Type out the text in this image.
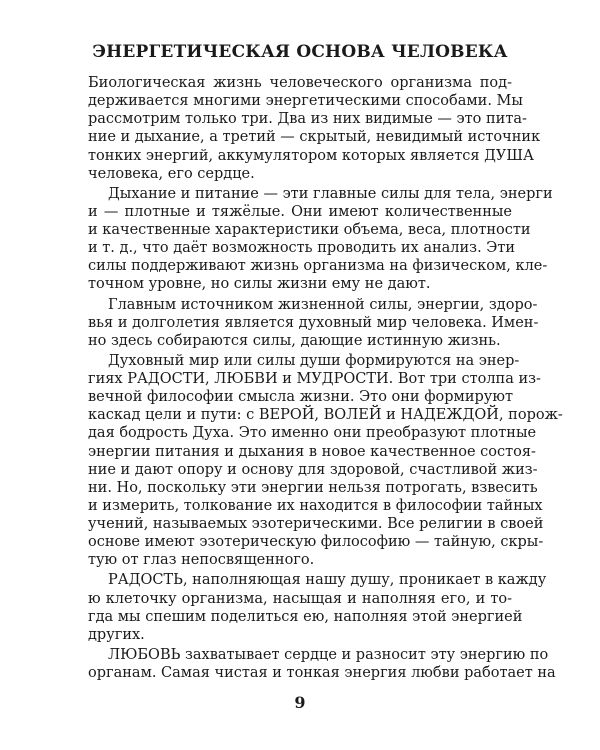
ЭНЕРГЕТИЧЕСКАЯ ОСНОВА ЧЕЛОВЕКА
Биологическая жизнь человеческого организма под-
держивается многими энергетическими способами. Мы
рассмотрим только три. Два из них видимые — это пита-
ние и дыхание, а третий — скрытый, невидимый источник
тонких энергий, аккумулятором которых является ДУША
человека, его сердце.
Дыхание и питание — эти главные силы для тела, энерги
и — плотные и тяжёлые. Они имеют количественные
и качественные характеристики объема, веса, плотности
и т. д., что даёт возможность проводить их анализ. Эти
силы поддерживают жизнь организма на физическом, кле-
точном уровне, но силы жизни ему не дают.
Главным источником жизненной силы, энергии, здоро-
вья и долголетия является духовный мир человека. Имен-
но здесь собираются силы, дающие истинную жизнь.
Духовный мир или силы души формируются на энер-
гиях РАДОСТИ, ЛЮБВИ и МУДРОСТИ. Вот три столпа из-
вечной философии смысла жизни. Это они формируют
каскад цели и пути: с ВЕРОЙ, ВОЛЕЙ и НАДЕЖДОЙ, порож-
дая бодрость Духа. Это именно они преобразуют плотные
энергии питания и дыхания в новое качественное состоя-
ние и дают опору и основу для здоровой, счастливой жиз-
ни. Но, поскольку эти энергии нельзя потрогать, взвесить
и измерить, толкование их находится в философии тайных
учений, называемых эзотерическими. Все религии в своей
основе имеют эзотерическую философию — тайную, скры-
тую от глаз непосвященного.
РАДОСТЬ, наполняющая нашу душу, проникает в кажду
ю клеточку организма, насыщая и наполняя его, и то-
гда мы спешим поделиться ею, наполняя этой энергией
других.
ЛЮБОВЬ захватывает сердце и разносит эту энергию по
органам. Самая чистая и тонкая энергия любви работает на
9
